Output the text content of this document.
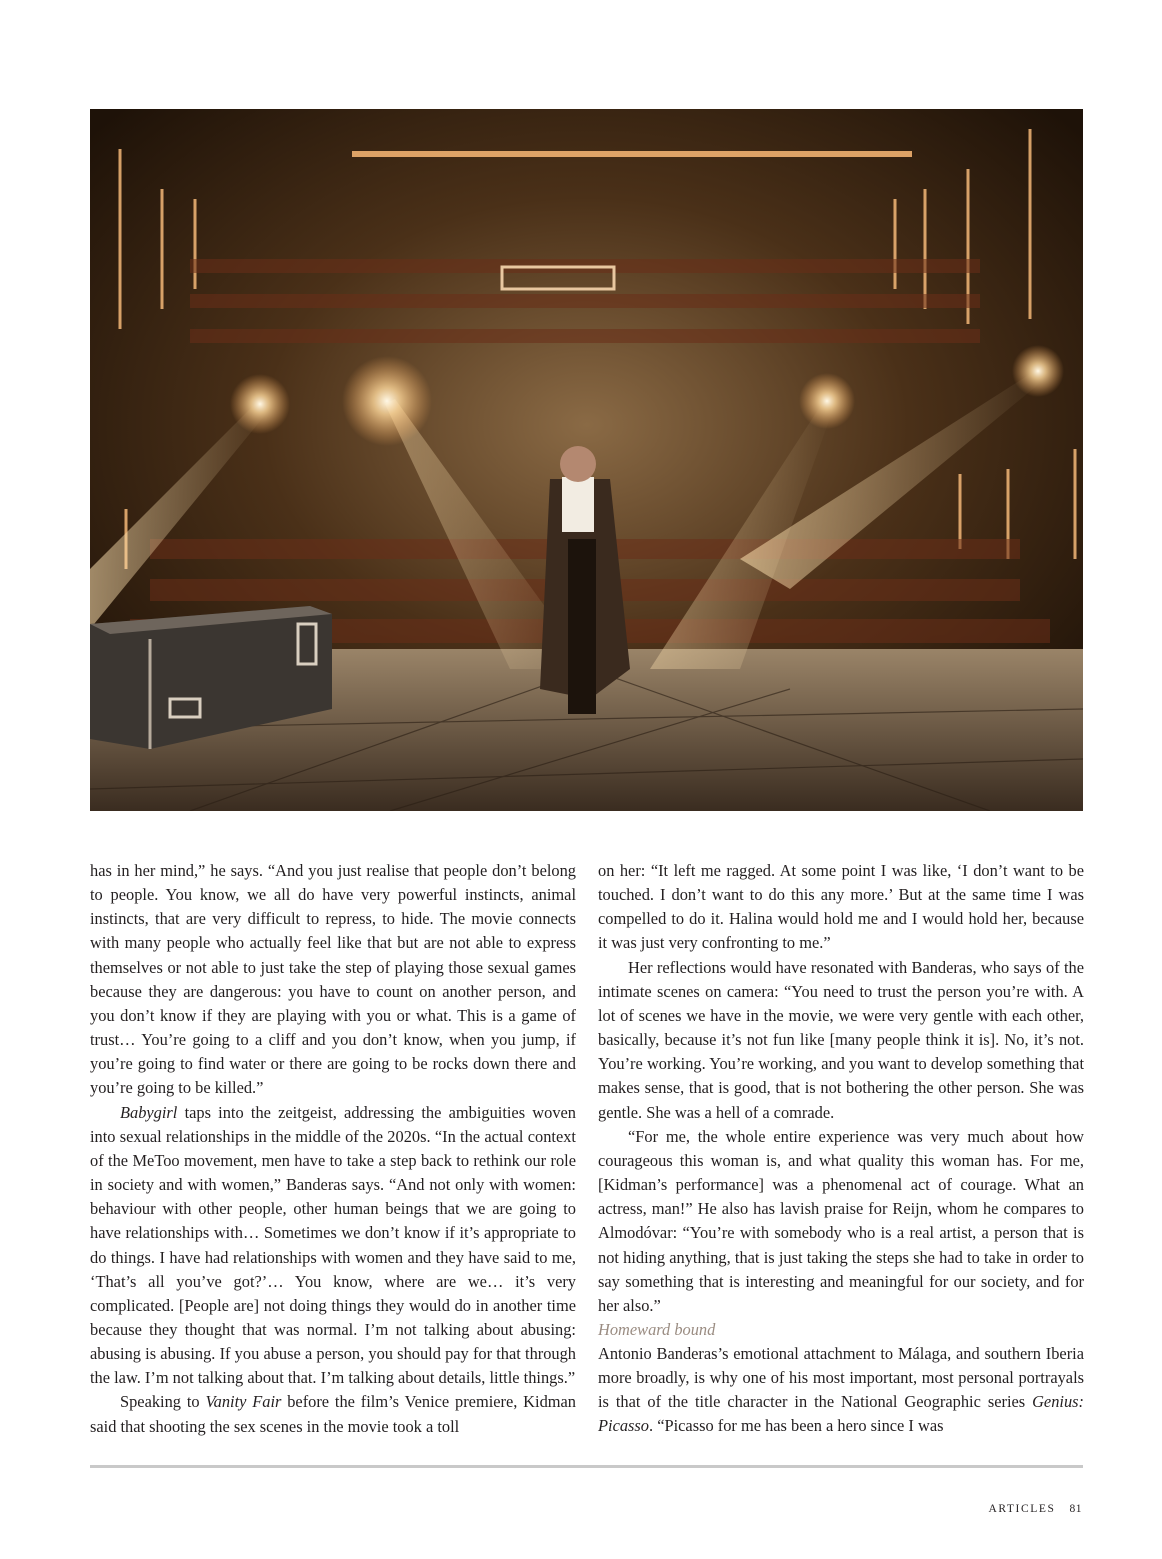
has in her mind,” he says. “And you just realise that people don’t belong to people. You know, we all do have very powerful instincts, animal instincts, that are very difficult to repress, to hide. The movie connects with many people who actually feel like that but are not able to express themselves or not able to just take the step of playing those sexual games because they are dangerous: you have to count on another person, and you don’t know if they are playing with you or what. This is a game of trust… You’re going to a cliff and you don’t know, when you jump, if you’re going to find water or there are going to be rocks down there and you’re going to be killed.”

Babygirl taps into the zeitgeist, addressing the ambiguities woven into sexual relationships in the middle of the 2020s. “In the actual context of the MeToo movement, men have to take a step back to rethink our role in society and with women,” Banderas says. “And not only with women: behaviour with other people, other human beings that we are going to have relationships with… Sometimes we don’t know if it’s appropriate to do things. I have had relationships with women and they have said to me, ‘That’s all you’ve got?’… You know, where are we… it’s very complicated. [People are] not doing things they would do in another time because they thought that was normal. I’m not talking about abusing: abusing is abusing. If you abuse a person, you should pay for that through the law. I’m not talking about that. I’m talking about details, little things.”

Speaking to Vanity Fair before the film’s Venice premiere, Kidman said that shooting the sex scenes in the movie took a toll

on her: “It left me ragged. At some point I was like, ‘I don’t want to be touched. I don’t want to do this any more.’ But at the same time I was compelled to do it. Halina would hold me and I would hold her, because it was just very confronting to me.”

Her reflections would have resonated with Banderas, who says of the intimate scenes on camera: “You need to trust the person you’re with. A lot of scenes we have in the movie, we were very gentle with each other, basically, because it’s not fun like [many people think it is]. No, it’s not. You’re working. You’re working, and you want to develop something that makes sense, that is good, that is not bothering the other person. She was gentle. She was a hell of a comrade.

“For me, the whole entire experience was very much about how courageous this woman is, and what quality this woman has. For me, [Kidman’s performance] was a phenomenal act of courage. What an actress, man!” He also has lavish praise for Reijn, whom he compares to Almodóvar: “You’re with somebody who is a real artist, a person that is not hiding anything, that is just taking the steps she had to take in order to say something that is interesting and meaningful for our society, and for her also.”

Homeward bound

Antonio Banderas’s emotional attachment to Málaga, and southern Iberia more broadly, is why one of his most important, most personal portrayals is that of the title character in the National Geographic series Genius: Picasso. “Picasso for me has been a hero since I was

ARTICLES 81
